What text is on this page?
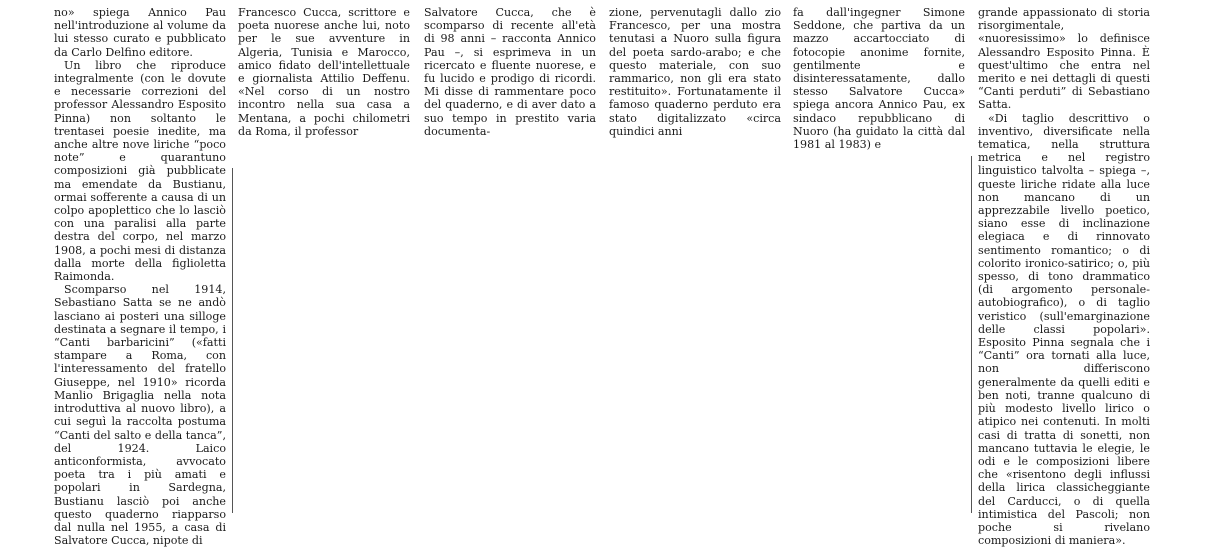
no» spiega Annico Pau nell'introduzione al volume da lui stesso curato e pubblicato da Carlo Delfino editore.

Un libro che riproduce integralmente (con le dovute e necessarie correzioni del professor Alessandro Esposito Pinna) non soltanto le trentasei poesie inedite, ma anche altre nove liriche “poco note” e quarantuno composizioni già pubblicate ma emendate da Bustianu, ormai sofferente a causa di un colpo apoplettico che lo lasciò con una paralisi alla parte destra del corpo, nel marzo 1908, a pochi mesi di distanza dalla morte della figlioletta Raimonda.

Scomparso nel 1914, Sebastiano Satta se ne andò lasciano ai posteri una silloge destinata a segnare il tempo, i “Canti barbaricini” («fatti stampare a Roma, con l'interessamento del fratello Giuseppe, nel 1910» ricorda Manlio Brigaglia nella nota introduttiva al nuovo libro), a cui seguì la raccolta postuma “Canti del salto e della tanca”, del 1924. Laico anticonformista, avvocato poeta tra i più amati e popolari in Sardegna, Bustianu lasciò poi anche questo quaderno riapparso dal nulla nel 1955, a casa di Salvatore Cucca, nipote di

Francesco Cucca, scrittore e poeta nuorese anche lui, noto per le sue avventure in Algeria, Tunisia e Marocco, amico fidato dell'intellettuale e giornalista Attilio Deffenu. «Nel corso di un nostro incontro nella sua casa a Mentana, a pochi chilometri da Roma, il professor

Salvatore Cucca, che è scomparso di recente all'età di 98 anni – racconta Annico Pau –, si esprimeva in un ricercato e fluente nuorese, e fu lucido e prodigo di ricordi. Mi disse di rammentare poco del quaderno, e di aver dato a suo tempo in prestito varia documenta-

zione, pervenutagli dallo zio Francesco, per una mostra tenutasi a Nuoro sulla figura del poeta sardo-arabo; e che questo materiale, con suo rammarico, non gli era stato restituito». Fortunatamente il famoso quaderno perduto era stato digitalizzato «circa quindici anni

fa dall'ingegner Simone Seddone, che partiva da un mazzo accartocciato di fotocopie anonime fornite, gentilmente e disinteressatamente, dallo stesso Salvatore Cucca» spiega ancora Annico Pau, ex sindaco repubblicano di Nuoro (ha guidato la città dal 1981 al 1983) e

grande appassionato di storia risorgimentale, «nuoresissimo» lo definisce Alessandro Esposito Pinna. È quest'ultimo che entra nel merito e nei dettagli di questi “Canti perduti” di Sebastiano Satta.

«Di taglio descrittivo o inventivo, diversificate nella tematica, nella struttura metrica e nel registro linguistico talvolta – spiega –, queste liriche ridate alla luce non mancano di un apprezzabile livello poetico, siano esse di inclinazione elegiaca e di rinnovato sentimento romantico; o di colorito ironico-satirico; o, più spesso, di tono drammatico (di argomento personale-autobiografico), o di taglio veristico (sull'emarginazione delle classi popolari». Esposito Pinna segnala che i “Canti” ora tornati alla luce, non differiscono generalmente da quelli editi e ben noti, tranne qualcuno di più modesto livello lirico o atipico nei contenuti. In molti casi di tratta di sonetti, non mancano tuttavia le elegie, le odi e le composizioni libere che «risentono degli influssi della lirica classicheggiante del Carducci, o di quella intimistica del Pascoli; non poche si rivelano composizioni di maniera».
